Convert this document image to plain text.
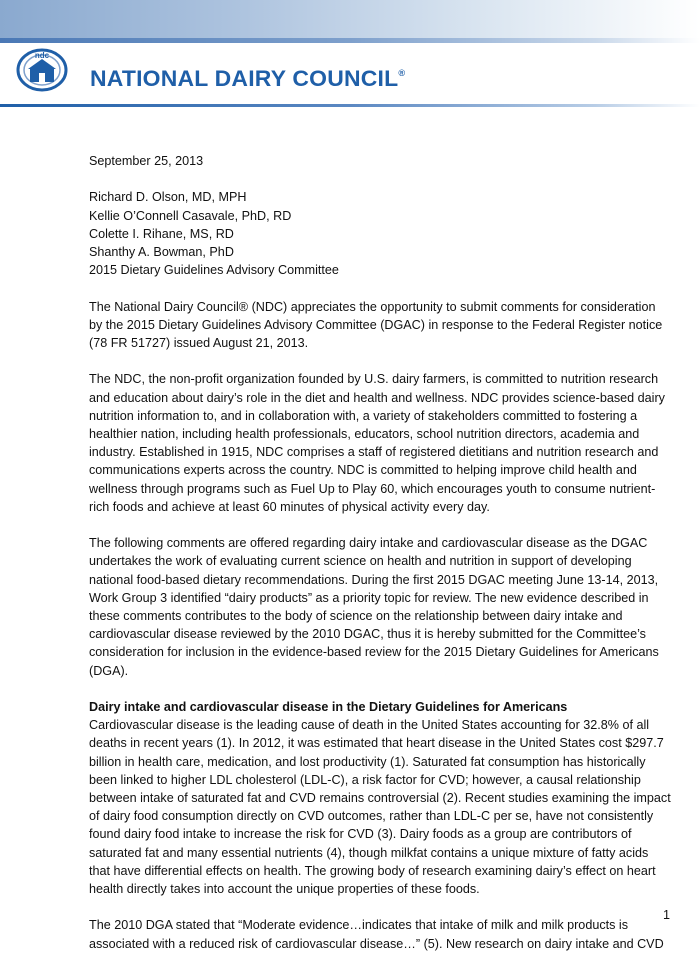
ndc
NATIONAL DAIRY COUNCIL®

September 25, 2013

Richard D. Olson, MD, MPH
Kellie O’Connell Casavale, PhD, RD
Colette I. Rihane, MS, RD
Shanthy A. Bowman, PhD
2015 Dietary Guidelines Advisory Committee

The National Dairy Council® (NDC) appreciates the opportunity to submit comments for consideration by the 2015 Dietary Guidelines Advisory Committee (DGAC) in response to the Federal Register notice (78 FR 51727) issued August 21, 2013.

The NDC, the non-profit organization founded by U.S. dairy farmers, is committed to nutrition research and education about dairy’s role in the diet and health and wellness. NDC provides science-based dairy nutrition information to, and in collaboration with, a variety of stakeholders committed to fostering a healthier nation, including health professionals, educators, school nutrition directors, academia and industry. Established in 1915, NDC comprises a staff of registered dietitians and nutrition research and communications experts across the country. NDC is committed to helping improve child health and wellness through programs such as Fuel Up to Play 60, which encourages youth to consume nutrient-rich foods and achieve at least 60 minutes of physical activity every day.

The following comments are offered regarding dairy intake and cardiovascular disease as the DGAC undertakes the work of evaluating current science on health and nutrition in support of developing national food-based dietary recommendations. During the first 2015 DGAC meeting June 13-14, 2013, Work Group 3 identified “dairy products” as a priority topic for review. The new evidence described in these comments contributes to the body of science on the relationship between dairy intake and cardiovascular disease reviewed by the 2010 DGAC, thus it is hereby submitted for the Committee’s consideration for inclusion in the evidence-based review for the 2015 Dietary Guidelines for Americans (DGA).

Dairy intake and cardiovascular disease in the Dietary Guidelines for Americans

Cardiovascular disease is the leading cause of death in the United States accounting for 32.8% of all deaths in recent years (1). In 2012, it was estimated that heart disease in the United States cost $297.7 billion in health care, medication, and lost productivity (1). Saturated fat consumption has historically been linked to higher LDL cholesterol (LDL-C), a risk factor for CVD; however, a causal relationship between intake of saturated fat and CVD remains controversial (2). Recent studies examining the impact of dairy food consumption directly on CVD outcomes, rather than LDL-C per se, have not consistently found dairy food intake to increase the risk for CVD (3). Dairy foods as a group are contributors of saturated fat and many essential nutrients (4), though milkfat contains a unique mixture of fatty acids that have differential effects on health. The growing body of research examining dairy’s effect on heart health directly takes into account the unique properties of these foods.

The 2010 DGA stated that “Moderate evidence…indicates that intake of milk and milk products is associated with a reduced risk of cardiovascular disease…” (5). New research on dairy intake and CVD

1
